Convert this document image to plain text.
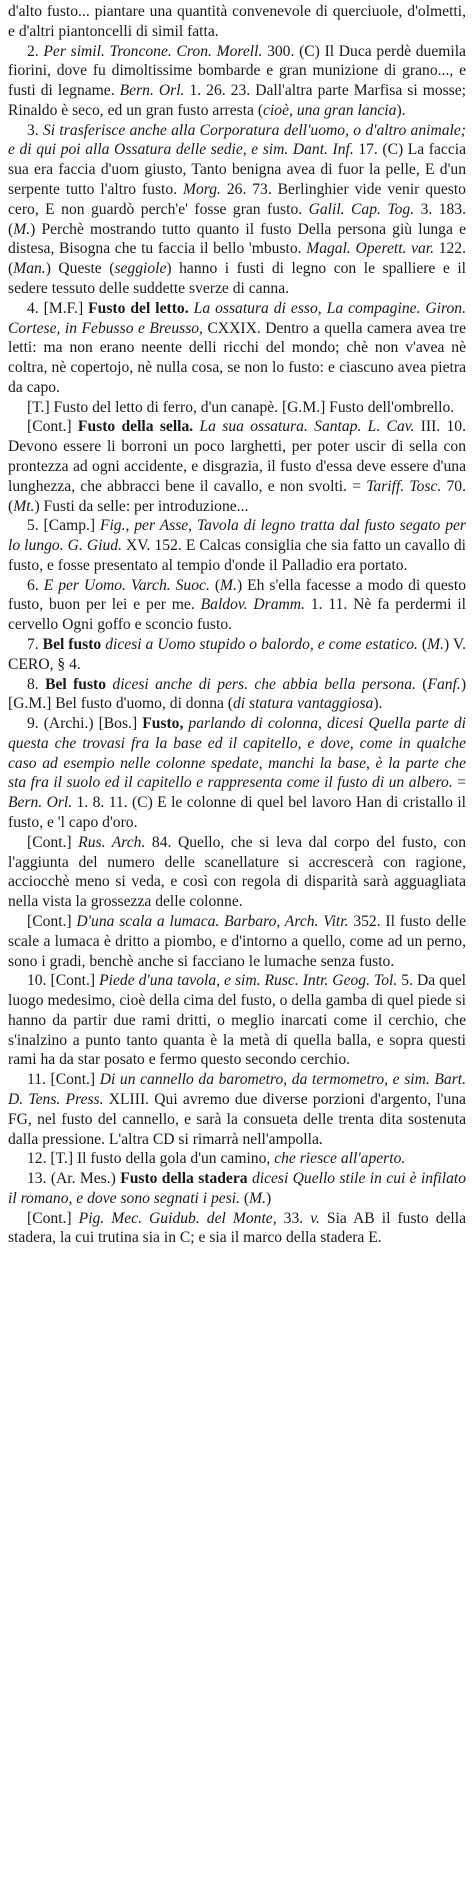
d'alto fusto... piantare una quantità convenevole di querciuole, d'olmetti, e d'altri piantoncelli di simil fatta.

2. Per simil. Troncone. Cron. Morell. 300. (C) Il Duca perdè duemila fiorini, dove fu dimoltissime bombarde e gran munizione di grano..., e fusti di legname. Bern. Orl. 1. 26. 23. Dall'altra parte Marfisa si mosse; Rinaldo è seco, ed un gran fusto arresta (cioè, una gran lancia).

3. Si trasferisce anche alla Corporatura dell'uomo, o d'altro animale; e di qui poi alla Ossatura delle sedie, e sim. Dant. Inf. 17. (C) La faccia sua era faccia d'uom giusto, Tanto benigna avea di fuor la pelle, E d'un serpente tutto l'altro fusto. Morg. 26. 73. Berlinghier vide venir questo cero, E non guardò perch'e' fosse gran fusto. Galil. Cap. Tog. 3. 183. (M.) Perchè mostrando tutto quanto il fusto Della persona giù lunga e distesa, Bisogna che tu faccia il bello 'mbusto. Magal. Operett. var. 122. (Man.) Queste (seggiole) hanno i fusti di legno con le spalliere e il sedere tessuto delle suddette sverze di canna.

4. [M.F.] Fusto del letto. La ossatura di esso, La compagine. Giron. Cortese, in Febusso e Breusso, CXXIX. Dentro a quella camera avea tre letti: ma non erano neente delli ricchi del mondo; chè non v'avea nè coltra, nè copertojo, nè nulla cosa, se non lo fusto: e ciascuno avea pietra da capo.

[T.] Fusto del letto di ferro, d'un canapè. [G.M.] Fusto dell'ombrello.

[Cont.] Fusto della sella. La sua ossatura. Santap. L. Cav. III. 10. Devono essere li borroni un poco larghetti, per poter uscir di sella con prontezza ad ogni accidente, e disgrazia, il fusto d'essa deve essere d'una lunghezza, che abbracci bene il cavallo, e non svolti. = Tariff. Tosc. 70. (Mt.) Fusti da selle: per introduzione...

5. [Camp.] Fig., per Asse, Tavola di legno tratta dal fusto segato per lo lungo. G. Giud. XV. 152. E Calcas consiglia che sia fatto un cavallo di fusto, e fosse presentato al tempio d'onde il Palladio era portato.

6. E per Uomo. Varch. Suoc. (M.) Eh s'ella facesse a modo di questo fusto, buon per lei e per me. Baldov. Dramm. 1. 11. Nè fa perdermi il cervello Ogni goffo e sconcio fusto.

7. Bel fusto dicesi a Uomo stupido o balordo, e come estatico. (M.) V. CERO, § 4.

8. Bel fusto dicesi anche di pers. che abbia bella persona. (Fanf.) [G.M.] Bel fusto d'uomo, di donna (di statura vantaggiosa).

9. (Archi.) [Bos.] Fusto, parlando di colonna, dicesi Quella parte di questa che trovasi fra la base ed il capitello, e dove, come in qualche caso ad esempio nelle colonne spedate, manchi la base, è la parte che sta fra il suolo ed il capitello e rappresenta come il fusto di un albero. = Bern. Orl. 1. 8. 11. (C) E le colonne di quel bel lavoro Han di cristallo il fusto, e 'l capo d'oro.

[Cont.] Rus. Arch. 84. Quello, che si leva dal corpo del fusto, con l'aggiunta del numero delle scanellature si accrescerà con ragione, acciocchè meno si veda, e così con regola di disparità sarà agguagliata nella vista la grossezza delle colonne.

[Cont.] D'una scala a lumaca. Barbaro, Arch. Vitr. 352. Il fusto delle scale a lumaca è dritto a piombo, e d'intorno a quello, come ad un perno, sono i gradi, benchè anche si facciano le lumache senza fusto.

10. [Cont.] Piede d'una tavola, e sim. Rusc. Intr. Geog. Tol. 5. Da quel luogo medesimo, cioè della cima del fusto, o della gamba di quel piede si hanno da partir due rami dritti, o meglio inarcati come il cerchio, che s'inalzino a punto tanto quanta è la metà di quella balla, e sopra questi rami ha da star posato e fermo questo secondo cerchio.

11. [Cont.] Di un cannello da barometro, da termometro, e sim. Bart. D. Tens. Press. XLIII. Qui avremo due diverse porzioni d'argento, l'una FG, nel fusto del cannello, e sarà la consueta delle trenta dita sostenuta dalla pressione. L'altra CD si rimarrà nell'ampolla.

12. [T.] Il fusto della gola d'un camino, che riesce all'aperto.

13. (Ar. Mes.) Fusto della stadera dicesi Quello stile in cui è infilato il romano, e dove sono segnati i pesi. (M.)

[Cont.] Pig. Mec. Guidub. del Monte, 33. v. Sia AB il fusto della stadera, la cui trutina sia in C; e sia il marco della stadera E.
